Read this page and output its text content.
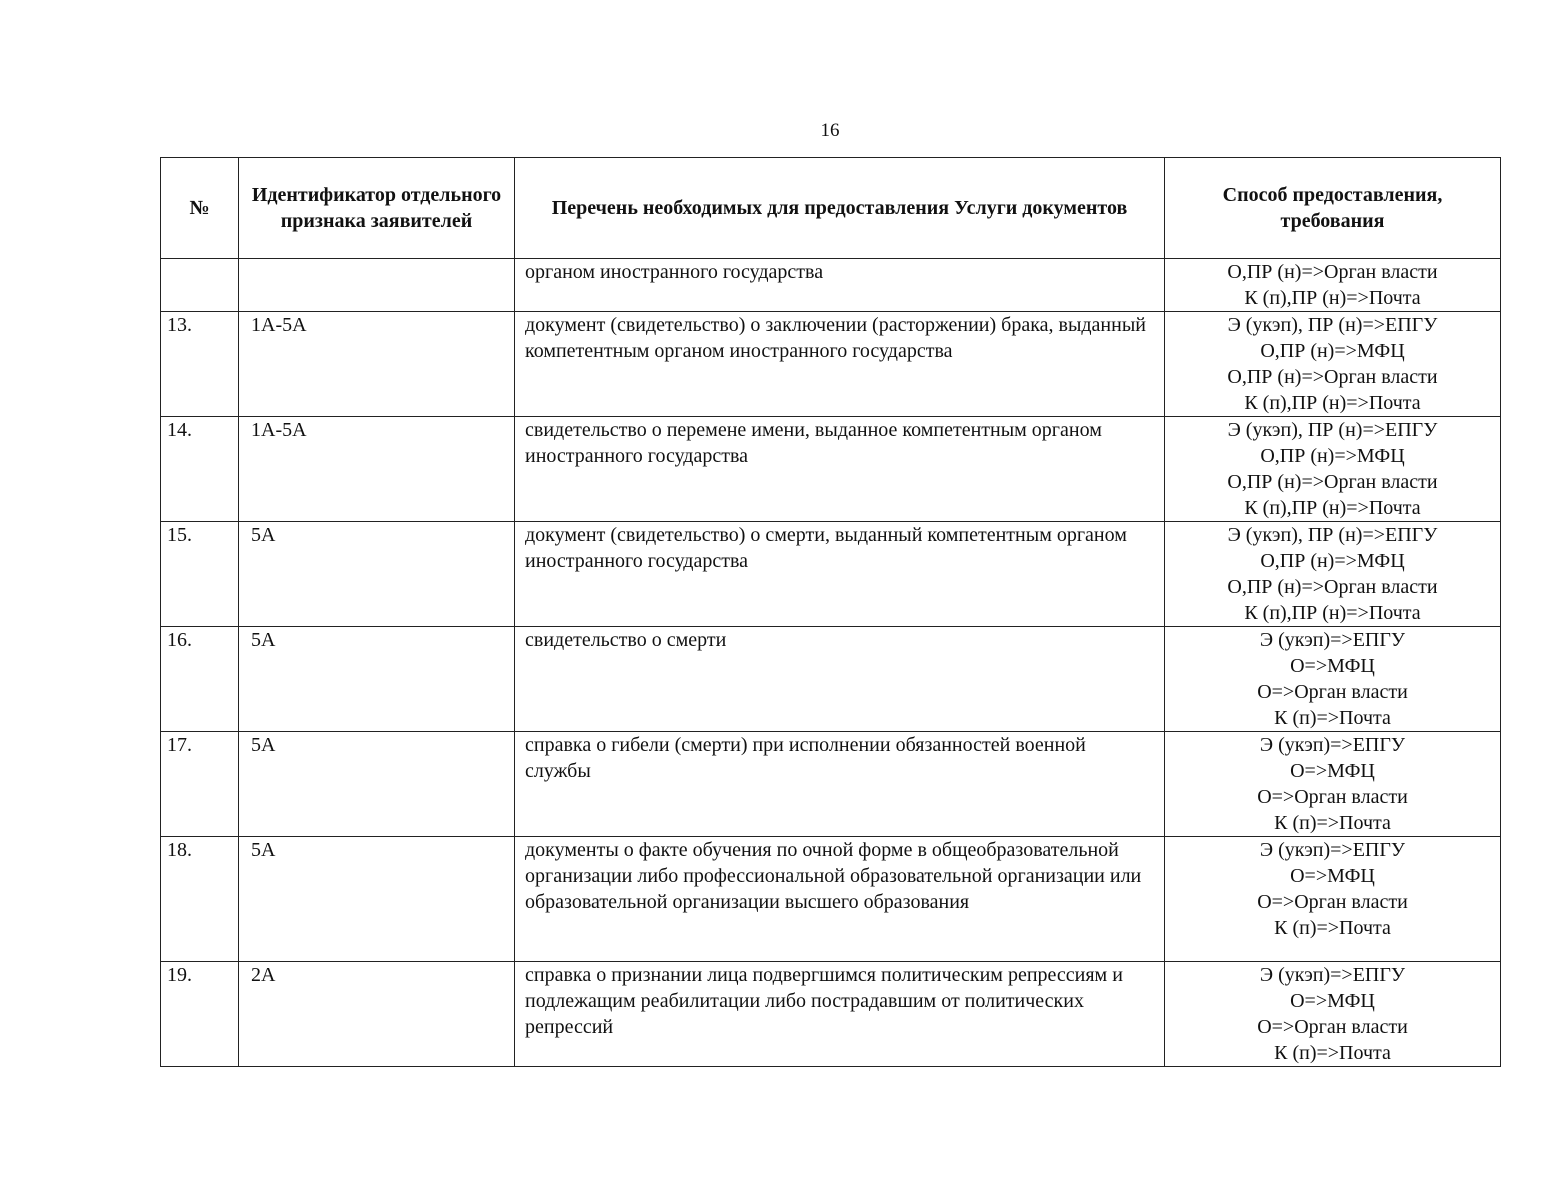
16
№	Идентификатор отдельного признака заявителей	Перечень необходимых для предоставления Услуги документов	Способ предоставления, требования
		органом иностранного государства	О,ПР (н)=>Орган власти
К (п),ПР (н)=>Почта

13.	1А-5А	документ (свидетельство) о заключении (расторжении) брака, выданный компетентным органом иностранного государства	Э (укэп), ПР (н)=>ЕПГУ
О,ПР (н)=>МФЦ
О,ПР (н)=>Орган власти
К (п),ПР (н)=>Почта

14.	1А-5А	свидетельство о перемене имени, выданное компетентным органом иностранного государства	Э (укэп), ПР (н)=>ЕПГУ
О,ПР (н)=>МФЦ
О,ПР (н)=>Орган власти
К (п),ПР (н)=>Почта

15.	5А	документ (свидетельство) о смерти, выданный компетентным органом иностранного государства	Э (укэп), ПР (н)=>ЕПГУ
О,ПР (н)=>МФЦ
О,ПР (н)=>Орган власти
К (п),ПР (н)=>Почта

16.	5А	свидетельство о смерти	Э (укэп)=>ЕПГУ
О=>МФЦ
О=>Орган власти
К (п)=>Почта

17.	5А	справка о гибели (смерти) при исполнении обязанностей военной службы	Э (укэп)=>ЕПГУ
О=>МФЦ
О=>Орган власти
К (п)=>Почта

18.	5А	документы о факте обучения по очной форме в общеобразовательной организации либо профессиональной образовательной организации или образовательной организации высшего образования	Э (укэп)=>ЕПГУ
О=>МФЦ
О=>Орган власти
К (п)=>Почта

19.	2А	справка о признании лица подвергшимся политическим репрессиям и подлежащим реабилитации либо пострадавшим от политических репрессий	Э (укэп)=>ЕПГУ
О=>МФЦ
О=>Орган власти
К (п)=>Почта
